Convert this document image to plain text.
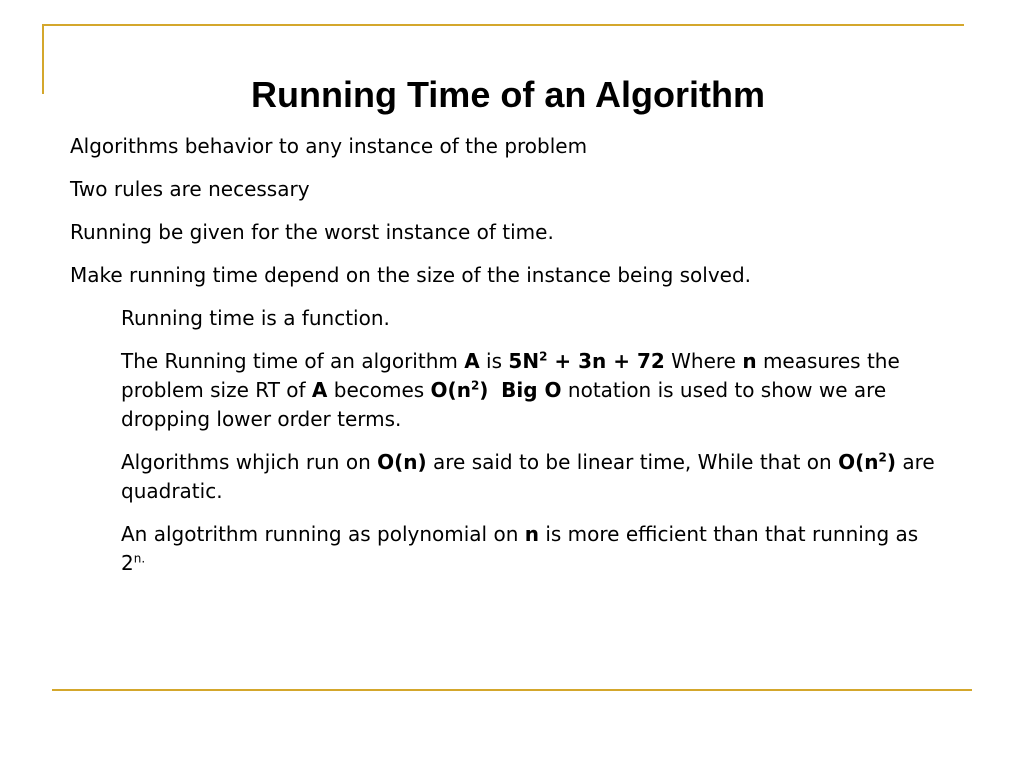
Running Time of an Algorithm
Algorithms behavior to any instance of the problem
Two rules are necessary
Running be given for the worst instance of time.
Make running time depend on the size of the instance being solved.
Running time is a function.
The Running time of an algorithm A is $5N^2 + 3n + 72$ Where n measures the problem size RT of A becomes $O(n^2)$ Big O notation is used to show we are dropping lower order terms.
Algorithms whjich run on O(n) are said to be linear time, While that on $O(n^2)$ are quadratic.
An algotrithm running as polynomial on n is more efficient than that running as $2^{n.}$
